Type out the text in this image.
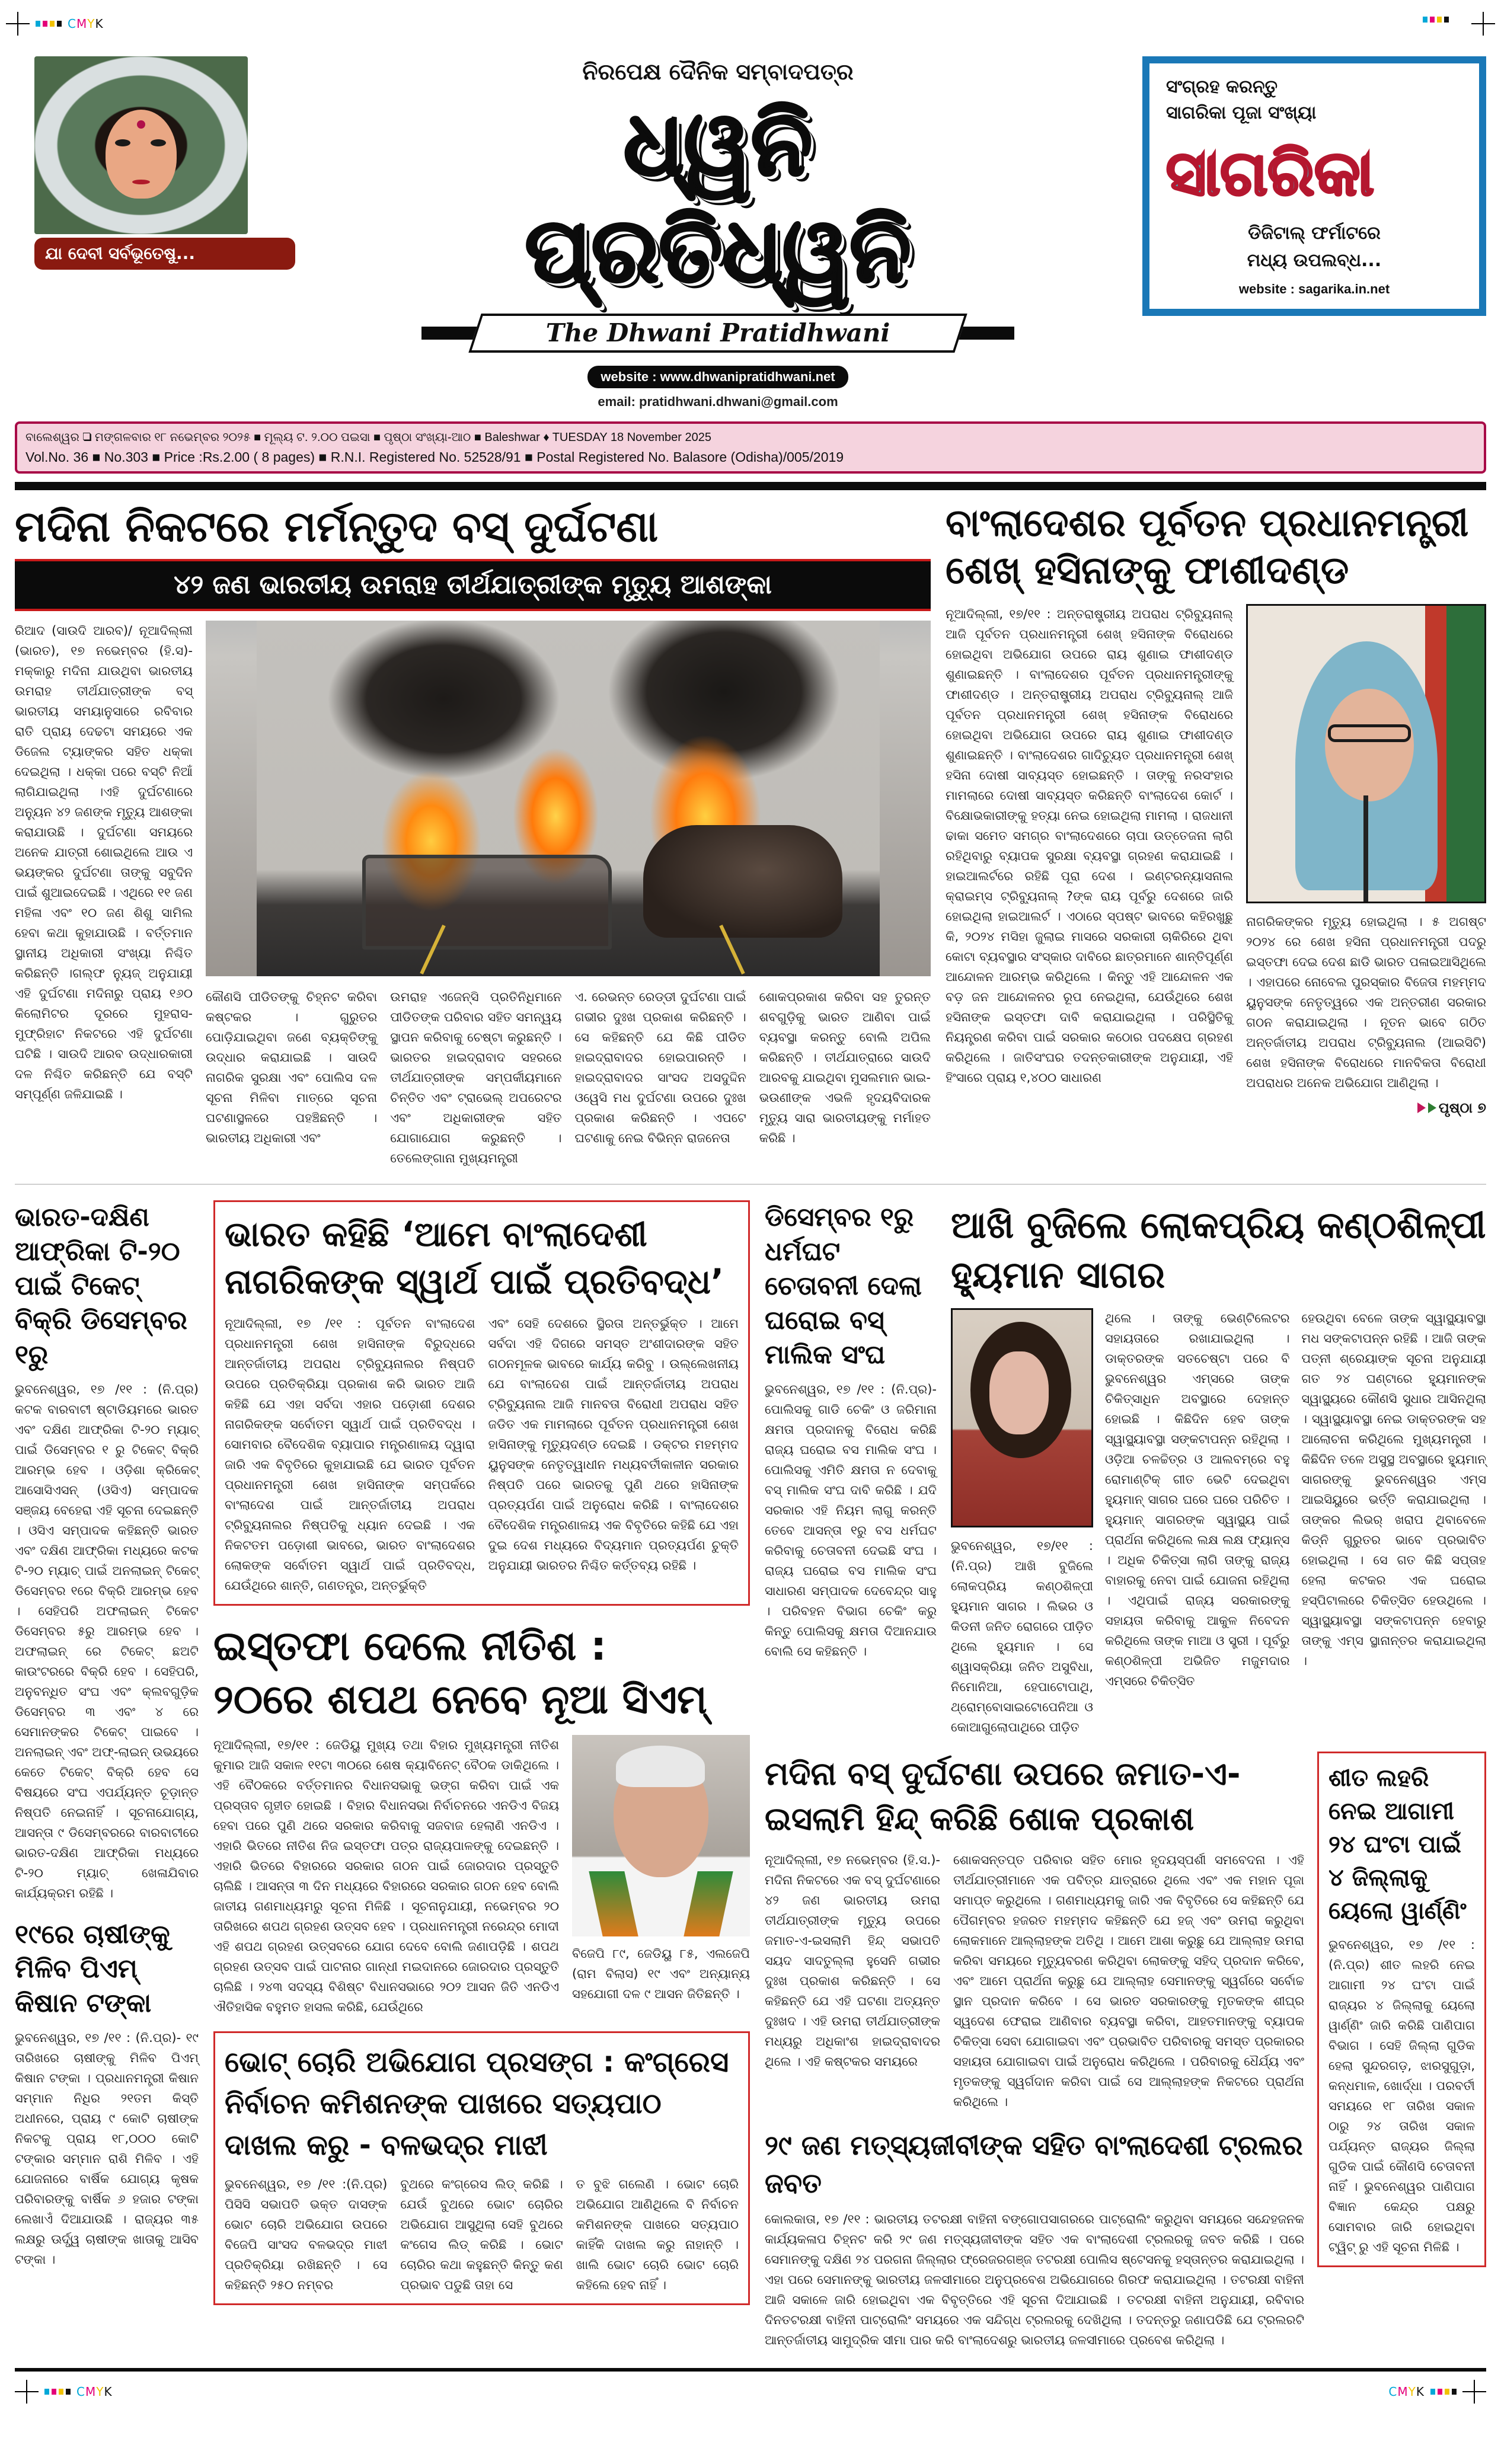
CMYK
ଯା ଦେବୀ ସର୍ବଭୂତେଷୁ...
ନିରପେକ୍ଷ ଦୈନିକ ସମ୍ବାଦପତ୍ର
ଧ୍ୱନି ପ୍ରତିଧ୍ୱନି
The Dhwani Pratidhwani
website : www.dhwanipratidhwani.net
email: pratidhwani.dhwani@gmail.com
ସଂଗ୍ରହ କରନ୍ତୁ
ସାଗରିକା ପୂଜା ସଂଖ୍ୟା
ସାଗରିକା
ଡିଜିଟାଲ୍ ଫର୍ମାଟରେ
ମଧ୍ୟ ଉପଲବ୍ଧ...
website : sagarika.in.net
ବାଲେଶ୍ୱର ❑ ମଙ୍ଗଳବାର ୧୮ ନଭେମ୍ବର ୨୦୨୫ ■ ମୂଲ୍ୟ ଟ. ୨.୦୦ ପଇସା ■ ପୃଷ୍ଠା ସଂଖ୍ୟା-ଆଠ ■ Baleshwar ♦ TUESDAY 18 November 2025
Vol.No. 36 ■ No.303 ■ Price :Rs.2.00 ( 8 pages) ■ R.N.I. Registered No. 52528/91 ■ Postal Registered No. Balasore (Odisha)/005/2019
ମଦିନା ନିକଟରେ ମର୍ମନ୍ତୁଦ ବସ୍ ଦୁର୍ଘଟଣା
୪୨ ଜଣ ଭାରତୀୟ ଉମରାହ ତୀର୍ଥଯାତ୍ରୀଙ୍କ ମୃତ୍ୟୁ ଆଶଙ୍କା
ରିଆଦ (ସାଉଦି ଆରବ)/ ନୂଆଦିଲ୍ଲୀ (ଭାରତ), ୧୭ ନଭେମ୍ବର (ହି.ସ)- ମକ୍କାରୁ ମଦିନା ଯାଉଥିବା ଭାରତୀୟ ଉମରାହ ତୀର୍ଥଯାତ୍ରୀଙ୍କ ବସ୍ ଭାରତୀୟ ସମୟାନୁସାରେ ରବିବାର ରାତି ପ୍ରାୟ ଦେଢଟା ସମୟରେ ଏକ ଡିଜେଲ ଟ୍ୟାଙ୍କର ସହିତ ଧକ୍କା ଦେଇଥିଲା । ଧକ୍କା ପରେ ବସ୍ଟି ନିଆଁ ଲାଗିଯାଇଥିଲା ।ଏହି ଦୁର୍ଘଟଣାରେ ଅନ୍ୟୁନ ୪୨ ଜଣଙ୍କ ମୃତ୍ୟୁ ଆଶଙ୍କା କରାଯାଉଛି । ଦୁର୍ଘଟଣା ସମୟରେ ଅନେକ ଯାତ୍ରୀ ଶୋଇଥିଲେ ଆଉ ଏ ଭୟଙ୍କର ଦୁର୍ଘଟଣା ତାଙ୍କୁ ସବୁଦିନ ପାଇଁ ଶୁଆଇଦେଇଛି । ଏଥିରେ ୧୧ ଜଣ ମହିଳା ଏବଂ ୧୦ ଜଣ ଶିଶୁ ସାମିଲ ହେବା କଥା କୁହାଯାଉଛି । ବର୍ତ୍ତମାନ ସ୍ଥାନୀୟ ଅଧିକାରୀ ସଂଖ୍ୟା ନିଶ୍ଚିତ କରିଛନ୍ତି ।ଗଲ୍ଫ ନ୍ୟୁଜ୍ ଅନୁଯାୟୀ ଏହି ଦୁର୍ଘଟଣା ମଦିନାରୁ ପ୍ରାୟ ୧୬୦ କିଲୋମିଟର ଦୂରରେ ମୁହରାସ-ମୁଫ୍ରିହାଟ ନିକଟରେ ଏହି ଦୁର୍ଘଟଣା ଘଟିଛି । ସାଉଦି ଆରବ ଉଦ୍ଧାରକାରୀ ଦଳ ନିଶ୍ଚିତ କରିଛନ୍ତି ଯେ ବସ୍ଟି ସମ୍ପୂର୍ଣ୍ଣ ଜଳିଯାଇଛି ।
କୌଣସି ପୀଡିତଙ୍କୁ ଚିହ୍ନଟ କରିବା କଷ୍ଟକର । ଗୁରୁତର ପୋଡ଼ିଯାଇଥିବା ଜଣେ ବ୍ୟକ୍ତିଙ୍କୁ ଉଦ୍ଧାର କରାଯାଇଛି । ସାଉଦି ନାଗରିକ ସୁରକ୍ଷା ଏବଂ ପୋଲିସ ଦଳ ସୂଚନା ମିଳିବା ମାତ୍ରେ ସୂଚନା ଘଟଣାସ୍ଥଳରେ ପହଞ୍ଚିଛନ୍ତି । ଭାରତୀୟ ଅଧିକାରୀ ଏବଂ
ଉମରାହ ଏଜେନ୍ସି ପ୍ରତିନିଧିମାନେ ପୀଡିତଙ୍କ ପରିବାର ସହିତ ସମନ୍ୱୟ ସ୍ଥାପନ କରିବାକୁ ଚେଷ୍ଟା କରୁଛନ୍ତି । ଭାରତର ହାଇଦ୍ରାବାଦ ସହରରେ ତୀର୍ଥଯାତ୍ରୀଙ୍କ ସମ୍ପର୍କୀୟମାନେ ଚିନ୍ତିତ ଏବଂ ଟ୍ରାଭେଲ୍ ଅପରେଟର ଏବଂ ଅଧିକାରୀଙ୍କ ସହିତ ଯୋଗାଯୋଗ କରୁଛନ୍ତି । ତେଲେଙ୍ଗାନା ମୁଖ୍ୟମନ୍ତ୍ରୀ
ଏ. ରେଭନ୍ତ ରେଡ୍ଡୀ ଦୁର୍ଘଟଣା ପାଇଁ ଗଭୀର ଦୁଃଖ ପ୍ରକାଶ କରିଛନ୍ତି । ସେ କହିଛନ୍ତି ଯେ କିଛି ପୀଡିତ ହାଇଦ୍ରାବାଦର ହୋଇପାରନ୍ତି । ହାଇଦ୍ରାବାଦର ସାଂସଦ ଅସଦୁଦ୍ଦିନ ଓୱେସି ମଧ ଦୁର୍ଘଟଣା ଉପରେ ଦୁଃଖ ପ୍ରକାଶ କରିଛନ୍ତି । ଏପଟେ ଘଟଣାକୁ ନେଇ ବିଭିନ୍ନ ରାଜନେତା
ଶୋକପ୍ରକାଶ କରିବା ସହ ତୁରନ୍ତ ଶବଗୁଡ଼ିକୁ ଭାରତ ଆଣିବା ପାଇଁ ବ୍ୟବସ୍ଥା କରନ୍ତୁ ବୋଲି ଅପିଲ କରିଛନ୍ତି । ତୀର୍ଥଯାତ୍ରାରେ ସାଉଦି ଆରବକୁ ଯାଇଥିବା ମୁସଲମାନ ଭାଇ-ଭଉଣୀଙ୍କ ଏଭଳି ହୃଦୟବିଦାରକ ମୃତ୍ୟୁ ସାରା ଭାରତୀୟଙ୍କୁ ମର୍ମାହତ କରିଛି ।
ବାଂଲାଦେଶର ପୂର୍ବତନ ପ୍ରଧାନମନ୍ତ୍ରୀ
ଶେଖ୍ ହସିନାଙ୍କୁ ଫାଶୀଦଣ୍ଡ
ନୂଆଦିଲ୍ଲୀ, ୧୭/୧୧ : ଅନ୍ତରାଷ୍ଟ୍ରୀୟ ଅପରାଧ ଟ୍ରିବ୍ୟୁନାଲ୍ ଆଜି ପୂର୍ବତନ ପ୍ରଧାନମନ୍ତ୍ରୀ ଶେଖ୍ ହସିନାଙ୍କ ବିରୋଧରେ ହୋଇଥିବା ଅଭିଯୋଗ ଉପରେ ରାୟ ଶୁଣାଇ ଫାଶୀଦଣ୍ଡ ଶୁଣାଇଛନ୍ତି । ବାଂଲାଦେଶର ପୂର୍ବତନ ପ୍ରଧାନମନ୍ତ୍ରୀଙ୍କୁ ଫାଶୀଦଣ୍ଡ । ଅନ୍ତରାଷ୍ଟ୍ରୀୟ ଅପରାଧ ଟ୍ରିବ୍ୟୁନାଲ୍ ଆଜି ପୂର୍ବତନ ପ୍ରଧାନମନ୍ତ୍ରୀ ଶେଖ୍ ହସିନାଙ୍କ ବିରୋଧରେ ହୋଇଥିବା ଅଭିଯୋଗ ଉପରେ ରାୟ ଶୁଣାଇ ଫାଶୀଦଣ୍ଡ ଶୁଣାଇଛନ୍ତି । ବାଂଲାଦେଶର ଗାଦିଚ୍ୟୁତ ପ୍ରଧାନମନ୍ତ୍ରୀ ଶେଖ୍ ହସିନା ଦୋଷୀ ସାବ୍ୟସ୍ତ ହୋଇଛନ୍ତି । ତାଙ୍କୁ ନରସଂହାର ମାମଲାରେ ଦୋଷୀ ସାବ୍ୟସ୍ତ କରିଛନ୍ତି ବାଂଲାଦେଶ କୋର୍ଟ । ବିକ୍ଷୋଭକାରୀଙ୍କୁ ହତ୍ୟା ନେଇ ହୋଇଥିଲା ମାମଲା । ରାଜଧାନୀ ଢାକା ସମେତ ସମଗ୍ର ବାଂଲାଦେଶରେ ଚାପା ଉତ୍ତେଜନା ଲାଗି ରହିଥିବାରୁ ବ୍ୟାପକ ସୁରକ୍ଷା ବ୍ୟବସ୍ଥା ଗ୍ରହଣ କରାଯାଇଛି । ହାଇଆଲର୍ଟରେ ରହିଛି ପୂରା ଦେଶ । ଇଣ୍ଟରନ୍ୟାସନାଲ କ୍ରାଇମ୍ସ ଟ୍ରିବ୍ୟୁନାଲ୍ ?ଙ୍କ ରାୟ ପୂର୍ବରୁ ଦେଶରେ ଜାରି ହୋଇଥିଲା ହାଇଆଲର୍ଟ । ଏଠାରେ ସ୍ପଷ୍ଟ ଭାବରେ କହିରଖୁଛୁ କି, ୨୦୨୪ ମସିହା ଜୁଲାଇ ମାସରେ ସରକାରୀ ଚାକିରିରେ ଥିବା କୋଟା ବ୍ୟବସ୍ଥାର ସଂସ୍କାର ଦାବିରେ ଛାତ୍ରମାନେ ଶାନ୍ତିପୂର୍ଣ୍ଣ ଆନ୍ଦୋଳନ ଆରମ୍ଭ କରିଥିଲେ । କିନ୍ତୁ ଏହି ଆନ୍ଦୋଳନ ଏକ ବଡ଼ ଜନ ଆନ୍ଦୋଳନର ରୂପ ନେଇଥିଲା, ଯେଉଁଥିରେ ଶେଖ ହସିନାଙ୍କ ଇସ୍ତଫା ଦାବି କରାଯାଇଥିଲା । ପରିସ୍ଥିତିକୁ ନିୟନ୍ତ୍ରଣ କରିବା ପାଇଁ ସରକାର କଠୋର ପଦକ୍ଷେପ ଗ୍ରହଣ କରିଥିଲେ । ଜାତିସଂଘର ତଦନ୍ତକାରୀଙ୍କ ଅନୁଯାୟୀ, ଏହି ହିଂସାରେ ପ୍ରାୟ ୧,୪୦୦ ସାଧାରଣ
ନାଗରିକଙ୍କର ମୃତ୍ୟୁ ହୋଇଥିଲା । ୫ ଅଗଷ୍ଟ ୨୦୨୪ ରେ ଶେଖ ହସିନା ପ୍ରଧାନମନ୍ତ୍ରୀ ପଦରୁ ଇସ୍ତଫା ଦେଇ ଦେଶ ଛାଡି ଭାରତ ପଳାଇଆସିଥିଲେ । ଏହାପରେ ନୋବେଲ ପୁରସ୍କାର ବିଜେତା ମହମ୍ମଦ ୟୁନୁସଙ୍କ ନେତୃତ୍ୱରେ ଏକ ଅନ୍ତରୀଣ ସରକାର ଗଠନ କରାଯାଇଥିଲା । ନୂତନ ଭାବେ ଗଠିତ ଅନ୍ତର୍ଜାତୀୟ ଅପରାଧ ଟ୍ରିବ୍ୟୁନାଲ (ଆଇସିଟି) ଶେଖ ହସିନାଙ୍କ ବିରୋଧରେ ମାନବିକତା ବିରୋଧୀ ଅପରାଧର ଅନେକ ଅଭିଯୋଗ ଆଣିଥିଲା ।
ପୃଷ୍ଠା ୭
ଭାରତ-ଦକ୍ଷିଣ ଆଫ୍ରିକା ଟି-୨୦ ପାଇଁ ଟିକେଟ୍ ବିକ୍ରି ଡିସେମ୍ବର ୧ରୁ
ଭୁବନେଶ୍ୱର, ୧୭ /୧୧ : (ନି.ପ୍ର) କଟକ ବାରବାଟୀ ଷ୍ଟାଡିୟମରେ ଭାରତ ଏବଂ ଦକ୍ଷିଣ ଆଫ୍ରିକା ଟି-୨୦ ମ୍ୟାଚ୍ ପାଇଁ ଡିସେମ୍ବର ୧ ରୁ ଟିକେଟ୍ ବିକ୍ରି ଆରମ୍ଭ ହେବ । ଓଡ଼ିଶା କ୍ରିକେଟ୍ ଆସୋସିଏସନ୍ (ଓସିଏ) ସମ୍ପାଦକ ସଞ୍ଜୟ ବେହେରା ଏହି ସୂଚନା ଦେଇଛନ୍ତି । ଓସିଏ ସମ୍ପାଦକ କହିଛନ୍ତି ଭାରତ ଏବଂ ଦକ୍ଷିଣ ଆଫ୍ରିକା ମଧ୍ୟରେ କଟକ ଟି-୨୦ ମ୍ୟାଚ୍ ପାଇଁ ଅନଲାଇନ୍ ଟିକେଟ୍ ଡିସେମ୍ବର ୧ରେ ବିକ୍ରି ଆରମ୍ଭ ହେବ । ସେହିପରି ଅଫଲାଇନ୍ ଟିକେଟ ଡିସେମ୍ବର ୫ରୁ ଆରମ୍ଭ ହେବ । ଅଫଲାଇନ୍ ରେ ଟିକେଟ୍ ଛଅଟି କାଉଂଟରରେ ବିକ୍ରି ହେବ । ସେହିପରି, ଅନୁବନ୍ଧିତ ସଂଘ ଏବଂ କ୍ଲବଗୁଡ଼ିକ ଡିସେମ୍ବର ୩ ଏବଂ ୪ ରେ ସେମାନଙ୍କର ଟିକେଟ୍ ପାଇବେ । ଅନଲାଇନ୍ ଏବଂ ଅଫ୍-ଲାଇନ୍ ଉଭୟରେ କେତେ ଟିକେଟ୍ ବିକ୍ରି ହେବ ସେ ବିଷୟରେ ସଂଘ ଏପର୍ଯ୍ୟନ୍ତ ଚୂଡ଼ାନ୍ତ ନିଷ୍ପତି ନେଇନାହିଁ । ସୂଚନାଯୋଗ୍ୟ, ଆସନ୍ତା ୯ ଡିସେମ୍ବରରେ ବାରବାଟୀରେ ଭାରତ-ଦକ୍ଷିଣ ଆଫ୍ରିକା ମଧ୍ୟରେ ଟି-୨୦ ମ୍ୟାଚ୍ ଖେଳାଯିବାର କାର୍ଯ୍ୟକ୍ରମ ରହିଛି ।
୧୯ରେ ଚାଷୀଙ୍କୁ ମିଳିବ ପିଏମ୍ କିଷାନ ଟଙ୍କା
ଭୁବନେଶ୍ୱର, ୧୭ /୧୧ : (ନି.ପ୍ର)- ୧୯ ତାରିଖରେ ଚାଷୀଙ୍କୁ ମିଳିବ ପିଏମ୍ କିଷାନ ଟଙ୍କା । ପ୍ରଧାନମନ୍ତ୍ରୀ କିଷାନ ସମ୍ମାନ ନିଧିର ୨୧ତମ କିସ୍ତି ଅଧୀନରେ, ପ୍ରାୟ ୯ କୋଟି ଚାଷୀଙ୍କ ନିକଟକୁ ପ୍ରାୟ ୧୮,୦୦୦ କୋଟି ଟଙ୍କାର ସମ୍ମାନ ରାଶି ମିଳିବ । ଏହି ଯୋଜନାରେ ବାର୍ଷିକ ଯୋଗ୍ୟ କୃଷକ ପରିବାରଙ୍କୁ ବାର୍ଷିକ ୬ ହଜାର ଟଙ୍କା ଲେଖାଏଁ ଦିଆଯାଉଛି । ରାଜ୍ୟର ୩୫ ଲକ୍ଷରୁ ଊର୍ଦ୍ଧ୍ୱ ଚାଷୀଙ୍କ ଖାତାକୁ ଆସିବ ଟଙ୍କା ।
ଭାରତ କହିଛି ‘ଆମେ ବାଂଲାଦେଶୀ ନାଗରିକଙ୍କ ସ୍ୱାର୍ଥ ପାଇଁ ପ୍ରତିବଦ୍ଧ’
ନୂଆଦିଲ୍ଲୀ, ୧୭ /୧୧ : ପୂର୍ବତନ ବାଂଲାଦେଶ ପ୍ରଧାନମନ୍ତ୍ରୀ ଶେଖ ହାସିନାଙ୍କ ବିରୁଦ୍ଧରେ ଆନ୍ତର୍ଜାତୀୟ ଅପରାଧ ଟ୍ରିବ୍ୟୁନାଲର ନିଷ୍ପତି ଉପରେ ପ୍ରତିକ୍ରିୟା ପ୍ରକାଶ କରି ଭାରତ ଆଜି କହିଛି ଯେ ଏହା ସର୍ବଦା ଏହାର ପଡ଼ୋଶୀ ଦେଶର ନାଗରିକଙ୍କ ସର୍ବୋତମ ସ୍ୱାର୍ଥ ପାଇଁ ପ୍ରତିବଦ୍ଧ । ସୋମବାର ବୈଦେଶିକ ବ୍ୟାପାର ମନ୍ତ୍ରଣାଳୟ ଦ୍ୱାରା ଜାରି ଏକ ବିବୃତିରେ କୁହାଯାଇଛି ଯେ ଭାରତ ପୂର୍ବତନ ପ୍ରଧାନମନ୍ତ୍ରୀ ଶେଖ ହାସିନାଙ୍କ ସମ୍ପର୍କରେ ବାଂଲାଦେଶ ପାଇଁ ଆନ୍ତର୍ଜାତୀୟ ଅପରାଧ ଟ୍ରିବ୍ୟୁନାଲର ନିଷ୍ପତିକୁ ଧ୍ୟାନ ଦେଇଛି । ଏକ ନିକଟତମ ପଡ଼ୋଶୀ ଭାବରେ, ଭାରତ ବାଂଲାଦେଶର ଲୋକଙ୍କ ସର୍ବୋତମ ସ୍ୱାର୍ଥ ପାଇଁ ପ୍ରତିବଦ୍ଧ, ଯେଉଁଥିରେ ଶାନ୍ତି, ଗଣତନ୍ତ୍ର, ଅନ୍ତର୍ଭୁକ୍ତି
ଏବଂ ସେହି ଦେଶରେ ସ୍ଥିରତା ଅନ୍ତର୍ଭୁକ୍ତ । ଆମେ ସର୍ବଦା ଏହି ଦିଗରେ ସମସ୍ତ ଅଂଶୀଦାରଙ୍କ ସହିତ ଗଠନମୂଳକ ଭାବରେ କାର୍ଯ୍ୟ କରିବୁ । ଉଲ୍ଲେଖନୀୟ ଯେ ବାଂଲାଦେଶ ପାଇଁ ଆନ୍ତର୍ଜାତୀୟ ଅପରାଧ ଟ୍ରିବ୍ୟୁନାଲ ଆଜି ମାନବତା ବିରୋଧୀ ଅପରାଧ ସହିତ ଜଡିତ ଏକ ମାମଲାରେ ପୂର୍ବତନ ପ୍ରଧାନମନ୍ତ୍ରୀ ଶେଖ ହାସିନାଙ୍କୁ ମୃତ୍ୟୁଦଣ୍ଡ ଦେଇଛି । ଡକ୍ଟର ମହମ୍ମଦ ୟୁନୁସଙ୍କ ନେତୃତ୍ୱାଧୀନ ମଧ୍ୟବର୍ତୀକାଳୀନ ସରକାର ନିଷ୍ପତି ପରେ ଭାରତକୁ ପୁଣି ଥରେ ହାସିନାଙ୍କ ପ୍ରତ୍ୟର୍ପଣ ପାଇଁ ଅନୁରୋଧ କରିଛି । ବାଂଲାଦେଶର ବୈଦେଶିକ ମନ୍ତ୍ରଣାଳୟ ଏକ ବିବୃତିରେ କହିଛି ଯେ ଏହା ଦୁଇ ଦେଶ ମଧ୍ୟରେ ବିଦ୍ୟମାନ ପ୍ରତ୍ୟର୍ପଣ ଚୁକ୍ତି ଅନୁଯାୟୀ ଭାରତର ନିଶ୍ଚିତ କର୍ତ୍ତବ୍ୟ ରହିଛି ।
ଇସ୍ତଫା ଦେଲେ ନୀତିଶ :
୨୦ରେ ଶପଥ ନେବେ ନୂଆ ସିଏମ୍
ନୂଆଦିଲ୍ଲୀ, ୧୭/୧୧ : ଜେଡିୟୁ ମୁଖ୍ୟ ତଥା ବିହାର ମୁଖ୍ୟମନ୍ତ୍ରୀ ନୀତିଶ କୁମାର ଆଜି ସକାଳ ୧୧ଟା ୩୦ରେ ଶେଷ କ୍ୟାବିନେଟ୍ ବୈଠକ ଡାକିଥିଲେ । ଏହି ବୈଠକରେ ବର୍ତ୍ତମାନର ବିଧାନସଭାକୁ ଭଙ୍ଗ କରିବା ପାଇଁ ଏକ ପ୍ରସ୍ତାବ ଗୃହୀତ ହୋଇଛି । ବିହାର ବିଧାନସଭା ନିର୍ବାଚନରେ ଏନଡିଏ ବିଜୟ ହେବା ପରେ ପୁଣି ଥରେ ସରକାର କରିବାକୁ ସଜବାଜ ହେଲାଣି ଏନଡିଏ । ଏହାରି ଭିତରେ ନୀତିଶ ନିଜ ଇସ୍ତଫା ପତ୍ର ରାଜ୍ୟପାଳଙ୍କୁ ଦେଇଛନ୍ତି । ଏହାରି ଭିତରେ ବିହାରରେ ସରକାର ଗଠନ ପାଇଁ ଜୋରଦାର ପ୍ରସ୍ତୁତି ଚାଲିଛି । ଆସନ୍ତା ୩ ଦିନ ମଧ୍ୟରେ ବିହାରରେ ସରକାର ଗଠନ ହେବ ବୋଲି ଜାତୀୟ ଗଣମାଧ୍ୟମରୁ ସୂଚନା ମିଳିଛି । ସୂଚନାନୁଯାୟୀ, ନଭେମ୍ବର ୨୦ ତାରିଖରେ ଶପଥ ଗ୍ରହଣ ଉତ୍ସବ ହେବ । ପ୍ରଧାନମନ୍ତ୍ରୀ ନରେନ୍ଦ୍ର ମୋଦୀ ଏହି ଶପଥ ଗ୍ରହଣ ଉତ୍ସବରେ ଯୋଗ ଦେବେ ବୋଲି ଜଣାପଡ଼ିଛି । ଶପଥ ଗ୍ରହଣ ଉତ୍ସବ ପାଇଁ ପାଟନାର ଗାନ୍ଧୀ ମଇଦାନରେ ଜୋରଦାର ପ୍ରସ୍ତୁତି ଚାଲିଛି । ୨୪୩ ସଦସ୍ୟ ବିଶିଷ୍ଟ ବିଧାନସଭାରେ ୨୦୨ ଆସନ ଜିତି ଏନଡିଏ ଐତିହାସିକ ବହୁମତ ହାସଲ କରିଛି, ଯେଉଁଥିରେ
ବିଜେପି ୮୯, ଜେଡିୟୁ ୮୫, ଏଲଜେପି (ରାମ ବିଲାସ) ୧୯ ଏବଂ ଅନ୍ୟାନ୍ୟ ସହଯୋଗୀ ଦଳ ୯ ଆସନ ଜିତିଛନ୍ତି ।
ଭୋଟ୍ ଚୋରି ଅଭିଯୋଗ ପ୍ରସଙ୍ଗ : କଂଗ୍ରେସ ନିର୍ବାଚନ କମିଶନଙ୍କ ପାଖରେ ସତ୍ୟପାଠ ଦାଖଲ କରୁ - ବଳଭଦ୍ର ମାଝୀ
ଭୁବନେଶ୍ୱର, ୧୭ /୧୧ :(ନି.ପ୍ର) ପିସିସି ସଭାପତି ଭକ୍ତ ଦାସଙ୍କ ଭୋଟ ଚୋରି ଅଭିଯୋଗ ଉପରେ ବିଜେପି ସାଂସଦ ବଳଭଦ୍ର ମାଝୀ ପ୍ରତିକ୍ରିୟା ରଖିଛନ୍ତି । ସେ କହିଛନ୍ତି ୨୫୦ ନମ୍ବର
ବୁଥରେ କଂଗ୍ରେସ ଲିଡ୍ କରିଛି । ଯେଉଁ ବୁଥରେ ଭୋଟ ଚୋରିର ଅଭିଯୋଗ ଆସୁଥିଲା ସେହି ବୁଥରେ କଂଗେସ ଲିଡ୍ କରିଛି । ଭୋଟ ଚୋରିର କଥା କହୁଛନ୍ତି କିନ୍ତୁ କଣ ପ୍ରଭାବ ପଡୁଛି ତାହା ସେ
ତ ବୁଝି ଗଲେଣି । ଭୋଟ ଚୋରି ଅଭିଯୋଗ ଆଣିଥିଲେ ବି ନିର୍ବାଚନ କମିଶନଙ୍କ ପାଖରେ ସତ୍ୟପାଠ କାହିଁକି ଦାଖଲ କରୁ ନାହାନ୍ତି । ଖାଲି ଭୋଟ ଚୋରି ଭୋଟ ଚୋରି କହିଲେ ହେବ ନାହିଁ ।
ଡିସେମ୍ବର ୧ରୁ ଧର୍ମଘଟ ଚେତାବନୀ ଦେଲା ଘରୋଇ ବସ୍ ମାଲିକ ସଂଘ
ଭୁବନେଶ୍ୱର, ୧୭ /୧୧ : (ନି.ପ୍ର)- ପୋଲିସକୁ ଗାଡି ଚେକିଂ ଓ ଜରିମାନା କ୍ଷମତା ପ୍ରଦାନକୁ ବିରୋଧ କରିଛି ରାଜ୍ୟ ଘରୋଇ ବସ ମାଲିକ ସଂଘ । ପୋଲିସକୁ ଏମିତି କ୍ଷମତା ନ ଦେବାକୁ ବସ୍ ମାଲିକ ସଂଘ ଦାବି କରିଛି । ଯଦି ସରକାର ଏହି ନିୟମ ଲାଗୁ କରନ୍ତି ତେବେ ଆସନ୍ତା ୧ରୁ ବସ ଧର୍ମଘଟ କରିବାକୁ ଚେତାବନୀ ଦେଇଛି ସଂଘ । ରାଜ୍ୟ ଘରୋଇ ବସ ମାଲିକ ସଂଘ ସାଧାରଣ ସମ୍ପାଦକ ଦେବେନ୍ଦ୍ର ସାହୁ । ପରିବହନ ବିଭାଗ ଚେକିଂ କରୁ କିନ୍ତୁ ପୋଲିସକୁ କ୍ଷମତା ଦିଆନଯାଉ ବୋଲି ସେ କହିଛନ୍ତି ।
ଆଖି ବୁଜିଲେ ଲୋକପ୍ରିୟ କଣ୍ଠଶିଳ୍ପୀ ହ୍ୟୁମାନ ସାଗର
ଭୁବନେଶ୍ୱର, ୧୭/୧୧ :(ନି.ପ୍ର) ଆଖି ବୁଜିଲେ ଲୋକପ୍ରିୟ କଣ୍ଠଶିଳ୍ପୀ ହ୍ୟୁମାନ ସାଗର । ଲିଭର ଓ କିଡନୀ ଜନିତ ରୋଗରେ ପୀଡ଼ିତ ଥିଲେ ହ୍ୟୁମାନ । ସେ ଶ୍ୱାସକ୍ରିୟା ଜନିତ ଅସୁବିଧା, ନିମୋନିଆ, ହେପାଟୋପାଥି, ଥ୍ରୋମ୍ବୋସାଇଟୋପେନିଆ ଓ କୋଆଗୁଲୋପାଥିରେ ପୀଡ଼ିତ
ଥିଲେ । ତାଙ୍କୁ ଭେଣ୍ଟିଲେଟର ସହାୟତାରେ ରଖାଯାଇଥିଲା । ଡାକ୍ତରଙ୍କ ସତଚେଷ୍ଟା ପରେ ବି ଭୁବନେଶ୍ୱର ଏମ୍ସରେ ତାଙ୍କ ଚିକିତ୍ସାଧିନ ଅବସ୍ଥାରେ ଦେହାନ୍ତ ହୋଇଛି । କିଛିଦିନ ହେବ ତାଙ୍କ ସ୍ୱାସ୍ଥ୍ୟାବସ୍ଥା ସଙ୍କଟାପନ୍ନ ରହିଥିଲା । ଓଡ଼ିଆ ଚଳଚ୍ଚିତ୍ର ଓ ଆଲବମ୍‌ରେ ବହୁ ରୋମାଣ୍ଟିକ୍ ଗୀତ ଭେଟି ଦେଇଥିବା ହ୍ୟୁମାନ୍ ସାଗର ଘରେ ଘରେ ପରିଚିତ । ହ୍ୟୁମାନ୍ ସାଗରଙ୍କ ସ୍ୱାସ୍ଥ୍ୟ ପାଇଁ ପ୍ରାର୍ଥନା କରିଥିଲେ ଲକ୍ଷ ଲକ୍ଷ ଫ୍ୟାନ୍ସ । ଅଧିକ ଚିକିତ୍ସା ଲାଗି ତାଙ୍କୁ ରାଜ୍ୟ ବାହାରକୁ ନେବା ପାଇଁ ଯୋଜନା ରହିଥିଲା । ଏଥିପାଇଁ ରାଜ୍ୟ ସରକାରଙ୍କୁ ସହାୟତା କରିବାକୁ ଆକୁଳ ନିବେଦନ କରିଥିଲେ ତାଙ୍କ ମାଆ ଓ ସ୍ତ୍ରୀ । ପୂର୍ବରୁ କଣ୍ଠଶିଳ୍ପୀ ଅଭିଜିତ ମଜୁମଦାର ଏମ୍ସରେ ଚିକିତ୍ସିତ
ହେଉଥିବା ବେଳେ ତାଙ୍କ ସ୍ୱାସ୍ଥ୍ୟାବସ୍ଥା ମଧ ସଙ୍କଟାପନ୍ନ ରହିଛି । ଆଜି ତାଙ୍କ ପତ୍ନୀ ଶ୍ରେୟାଙ୍କ ସୂଚନା ଅନୁଯାୟୀ ଗତ ୨୪ ଘଣ୍ଟାରେ ହ୍ୟୁମାନଙ୍କ ସ୍ୱାସ୍ଥ୍ୟରେ କୌଣସି ସୁଧାର ଆସିନଥିଲା । ସ୍ୱାସ୍ଥ୍ୟାବସ୍ଥା ନେଇ ଡାକ୍ତରଙ୍କ ସହ ଆଲୋଚନା କରିଥିଲେ ମୁଖ୍ୟମନ୍ତ୍ରୀ । କିଛିଦିନ ତଳେ ଅସୁସ୍ଥ ଅବସ୍ଥାରେ ହ୍ୟୁମାନ୍ ସାଗରଙ୍କୁ ଭୁବନେଶ୍ୱର ଏମ୍ସ ଆଇସିୟୁରେ ଭର୍ତ୍ତି କରାଯାଇଥିଲା । ତାଙ୍କର ଲିଭର୍ ଖରାପ ଥିବାବେଳେ କିଡ୍ନି ଗୁରୁତର ଭାବେ ପ୍ରଭାବିତ ହୋଇଥିଲା । ସେ ଗତ କିଛି ସପ୍ତାହ ହେଲା କଟକର ଏକ ଘରୋଇ ହସ୍ପିଟାଲରେ ଚିକିତ୍ସିତ ହେଉଥିଲେ । ସ୍ୱାସ୍ଥ୍ୟାବସ୍ଥା ସଙ୍କଟାପନ୍ନ ହେବାରୁ ତାଙ୍କୁ ଏମ୍ସ ସ୍ଥାନାନ୍ତର କରାଯାଇଥିଲା ।
ମଦିନା ବସ୍ ଦୁର୍ଘଟଣା ଉପରେ ଜମାତ-ଏ-ଇସଲାମି ହିନ୍ଦ୍ କରିଛି ଶୋକ ପ୍ରକାଶ
ନୂଆଦିଲ୍ଲୀ, ୧୭ ନଭେମ୍ବର (ହି.ସ.)- ମଦିନା ନିକଟରେ ଏକ ବସ୍ ଦୁର୍ଘଟଣାରେ ୪୨ ଜଣ ଭାରତୀୟ ଉମରା ତୀର୍ଥଯାତ୍ରୀଙ୍କ ମୃତ୍ୟୁ ଉପରେ ଜମାତ-ଏ-ଇସଲାମି ହିନ୍ଦ୍ ସଭାପତି ସୟଦ ସାଦତୁଲ୍ଲା ହୁସେନି ଗଭୀର ଦୁଃଖ ପ୍ରକାଶ କରିଛନ୍ତି । ସେ କହିଛନ୍ତି ଯେ ଏହି ଘଟଣା ଅତ୍ୟନ୍ତ ଦୁଃଖଦ । ଏହି ଉମରା ତୀର୍ଥଯାତ୍ରୀଙ୍କ ମଧ୍ୟରୁ ଅଧିକାଂଶ ହାଇଦ୍ରାବାଦର ଥିଲେ । ଏହି କଷ୍ଟକର ସମୟରେ
ଶୋକସନ୍ତପ୍ତ ପରିବାର ସହିତ ମୋର ହୃଦୟସ୍ପର୍ଶୀ ସମବେଦନା । ଏହି ତୀର୍ଥଯାତ୍ରୀମାନେ ଏକ ପବିତ୍ର ଯାତ୍ରାରେ ଥିଲେ ଏବଂ ଏକ ମହାନ ପୂଜା ସମାପ୍ତ କରୁଥିଲେ । ଗଣମାଧ୍ୟମକୁ ଜାରି ଏକ ବିବୃତିରେ ସେ କହିଛନ୍ତି ଯେ ପୈଗମ୍ବର ହଜରତ ମହମ୍ମଦ କହିଛନ୍ତି ଯେ ହଜ୍ ଏବଂ ଉମରା କରୁଥିବା ଲୋକମାନେ ଆଲ୍ଲାହଙ୍କ ଅତିଥି । ଆମେ ଆଶା କରୁଛୁ ଯେ ଆଲ୍ଲାହ ଉମରା କରିବା ସମୟରେ ମୃତ୍ୟୁବରଣ କରିଥିବା ଲୋକଙ୍କୁ ସହିଦ୍ ପ୍ରଦାନ କରିବେ, ଏବଂ ଆମେ ପ୍ରାର୍ଥନା କରୁଛୁ ଯେ ଆଲ୍ଲାହ ସେମାନଙ୍କୁ ସ୍ୱର୍ଗରେ ସର୍ବୋଚ୍ଚ ସ୍ଥାନ ପ୍ରଦାନ କରିବେ । ସେ ଭାରତ ସରକାରଙ୍କୁ ମୃତକଙ୍କ ଶୀଘ୍ର ସ୍ୱଦେଶ ଫେରାଇ ଆଣିବାର ବ୍ୟବସ୍ଥା କରିବା, ଆହତମାନଙ୍କୁ ବ୍ୟାପକ ଚିକିତ୍ସା ସେବା ଯୋଗାଇବା ଏବଂ ପ୍ରଭାବିତ ପରିବାରକୁ ସମସ୍ତ ପ୍ରକାରର ସହାୟତା ଯୋଗାଇବା ପାଇଁ ଅନୁରୋଧ କରିଥିଲେ । ପରିବାରକୁ ଧୈର୍ଯ୍ୟ ଏବଂ ମୃତକଙ୍କୁ ସ୍ୱର୍ଗଦାନ କରିବା ପାଇଁ ସେ ଆଲ୍ଲାହଙ୍କ ନିକଟରେ ପ୍ରାର୍ଥନା କରିଥିଲେ ।
୨୯ ଜଣ ମତ୍ସ୍ୟଜୀବୀଙ୍କ ସହିତ ବାଂଲାଦେଶୀ ଟ୍ରଲର ଜବତ
କୋଲକାତା, ୧୭ /୧୧ : ଭାରତୀୟ ତଟରକ୍ଷୀ ବାହିନୀ ବଙ୍ଗୋପସାଗରରେ ପାଟ୍ରୋଲିଂ କରୁଥିବା ସମୟରେ ସନ୍ଦେହଜନକ କାର୍ଯ୍ୟକଳାପ ଚିହ୍ନଟ କରି ୨୯ ଜଣ ମତ୍ସ୍ୟଜୀବୀଙ୍କ ସହିତ ଏକ ବାଂଲାଦେଶୀ ଟ୍ରଲରକୁ ଜବତ କରିଛି । ପରେ ସେମାନଙ୍କୁ ଦକ୍ଷିଣ ୨୪ ପରଗନା ଜିଲ୍ଲାର ଫ୍ରେଜରଗଞ୍ଜ ତଟରକ୍ଷୀ ପୋଲିସ ଷ୍ଟେସନକୁ ହସ୍ତାନ୍ତର କରାଯାଇଥିଲା ।ଏହା ପରେ ସେମାନଙ୍କୁ ଭାରତୀୟ ଜଳସୀମାରେ ଅନୁପ୍ରବେଶ ଅଭିଯୋଗରେ ଗିରଫ କରାଯାଇଥିଲା । ତଟରକ୍ଷୀ ବାହିନୀ ଆଜି ସକାଳେ ଜାରି ହୋଇଥିବା ଏକ ବିବୃତ୍ତିରେ ଏହି ସୂଚନା ଦିଆଯାଇଛି । ତଟରକ୍ଷୀ ବାହିନୀ ଅନୁଯାୟୀ, ରବିବାର ଦିନତଟରକ୍ଷୀ ବାହିନୀ ପାଟ୍ରୋଲିଂ ସମୟରେ ଏକ ସନ୍ଦିଗ୍ଧ ଟ୍ରଲରକୁ ଦେଖିଥିଲା । ତଦନ୍ତରୁ ଜଣାପଡିଛି ଯେ ଟ୍ରଲରଟି ଆନ୍ତର୍ଜାତୀୟ ସାମୁଦ୍ରିକ ସୀମା ପାର କରି ବାଂଲାଦେଶରୁ ଭାରତୀୟ ଜଳସୀମାରେ ପ୍ରବେଶ କରିଥିଲା ।
ଶୀତ ଲହରି ନେଇ ଆଗାମୀ ୨୪ ଘଂଟା ପାଇଁ ୪ ଜିଲ୍ଲାକୁ ୟେଲୋ ୱାର୍ଣ୍ଣିଂ
ଭୁବନେଶ୍ୱର, ୧୭ /୧୧ : (ନି.ପ୍ର) ଶୀତ ଲହରି ନେଇ ଆଗାମୀ ୨୪ ଘଂଟା ପାଇଁ ରାଜ୍ୟର ୪ ଜିଲ୍ଲାକୁ ୟେଲୋ ୱାର୍ଣ୍ଣିଂ ଜାରି କରିଛି ପାଣିପାଗ ବିଭାଗ । ସେହି ଜିଲ୍ଲା ଗୁଡିକ ହେଲା ସୁନ୍ଦରଗଡ଼, ଝାରସୁଗୁଡ଼ା, କନ୍ଧମାଳ, ଖୋର୍ଦ୍ଧା । ପରବର୍ତୀ ସମୟରେ ୧୮ ତାରିଖ ସକାଳ ଠାରୁ ୨୪ ତାରିଖ ସକାଳ ପର୍ଯ୍ୟନ୍ତ ରାଜ୍ୟର ଜିଲ୍ଲା ଗୁଡିକ ପାଇଁ କୌଣସି ଚେତାବନୀ ନାହିଁ । ଭୁବନେଶ୍ୱର ପାଣିପାଗ ବିଜ୍ଞାନ କେନ୍ଦ୍ର ପକ୍ଷରୁ ସୋମବାର ଜାରି ହୋଇଥିବା ଟ୍ୱିଟ୍ ରୁ ଏହି ସୂଚନା ମିଳିଛି ।
CMYK	CMYK
